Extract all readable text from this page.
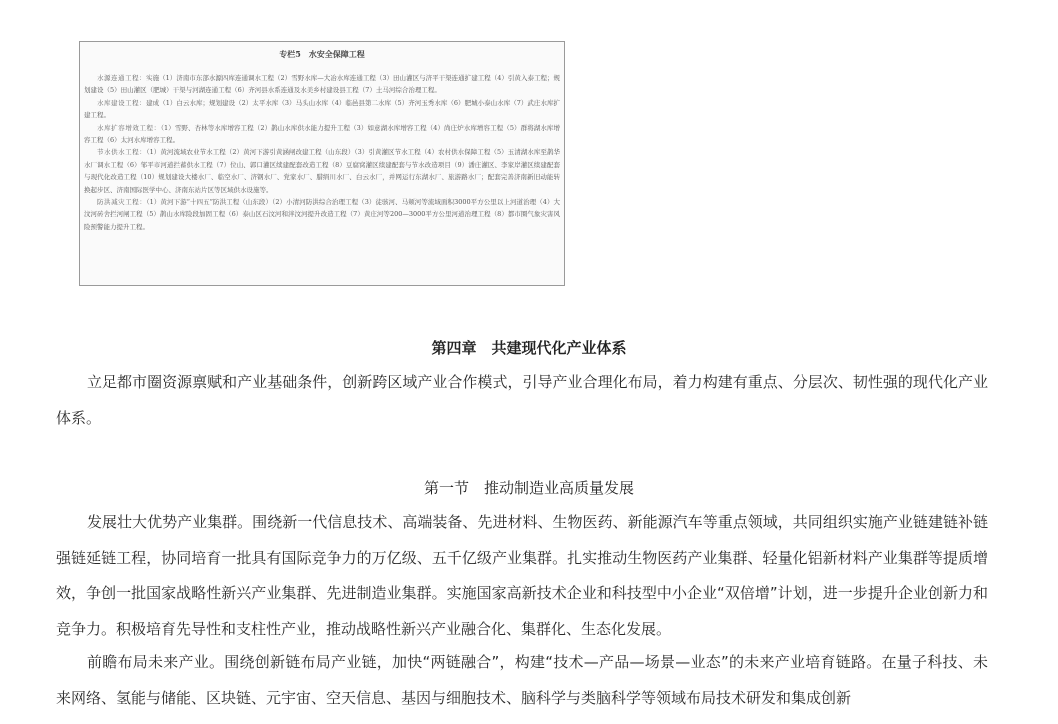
专栏5　水安全保障工程

水源连通工程：实施（1）济南市东部水源四库连通调水工程（2）雪野水库—大冶水库连通工程（3）田山灌区与济平干渠连通扩建工程（4）引黄入泰工程；规划建设（5）田山灌区（肥城）干渠与河湖连通工程（6）齐河县水系连通及水美乡村建设县工程（7）土马河综合治理工程。

水库建设工程：建成（1）白云水库；规划建设（2）太平水库（3）马头山水库（4）临邑县第二水库（5）齐河玉秀水库（6）肥城小泰山水库（7）武庄水库扩建工程。

水库扩容增效工程：（1）雪野、杏林等水库增容工程（2）鹊山水库供水能力提升工程（3）如意湖水库增容工程（4）尚庄炉水库增容工程（5）群将湖水库增容工程（6）太河水库增容工程。

节水供水工程：（1）黄河流域农业节水工程（2）黄河下游引黄涵闸改建工程（山东段）（3）引黄灌区节水工程（4）农村供水保障工程（5）玉清湖水库至鹊华水厂调水工程（6）邹平市河道拦蓄供水工程（7）位山、郭口灌区续建配套改造工程（8）豆腐窝灌区续建配套与节水改造项目（9）潘庄灌区、李家岸灌区续建配套与现代化改造工程（10）规划建设大楼水厂、临空水厂、济钢水厂、党家水厂、腊绢川水厂、白云水厂，并网运行东湖水厂、旅游路水厂；配套完善济南新旧动能转换起步区、济南国际医学中心、济南东站片区等区域供水设施等。

防洪减灾工程：（1）黄河下游“十四五”防洪工程（山东段）（2）小清河防洪综合治理工程（3）徒骇河、马颊河等流域面积3000平方公里以上河道治理（4）大汶河砖舍拦河闸工程（5）鹊山水库险段加固工程（6）泰山区石汶河和泮汶河提升改造工程（7）黄庄河等200—3000平方公里河道治理工程（8）都市圈气象灾害风险预警能力提升工程。

第四章　共建现代化产业体系

立足都市圈资源禀赋和产业基础条件，创新跨区域产业合作模式，引导产业合理化布局，着力构建有重点、分层次、韧性强的现代化产业体系。

第一节　推动制造业高质量发展

发展壮大优势产业集群。围绕新一代信息技术、高端装备、先进材料、生物医药、新能源汽车等重点领域，共同组织实施产业链建链补链强链延链工程，协同培育一批具有国际竞争力的万亿级、五千亿级产业集群。扎实推动生物医药产业集群、轻量化铝新材料产业集群等提质增效，争创一批国家战略性新兴产业集群、先进制造业集群。实施国家高新技术企业和科技型中小企业“双倍增”计划，进一步提升企业创新力和竞争力。积极培育先导性和支柱性产业，推动战略性新兴产业融合化、集群化、生态化发展。

前瞻布局未来产业。围绕创新链布局产业链，加快“两链融合”，构建“技术—产品—场景—业态”的未来产业培育链路。在量子科技、未来网络、氢能与储能、区块链、元宇宙、空天信息、基因与细胞技术、脑科学与类脑科学等领域布局技术研发和集成创新
